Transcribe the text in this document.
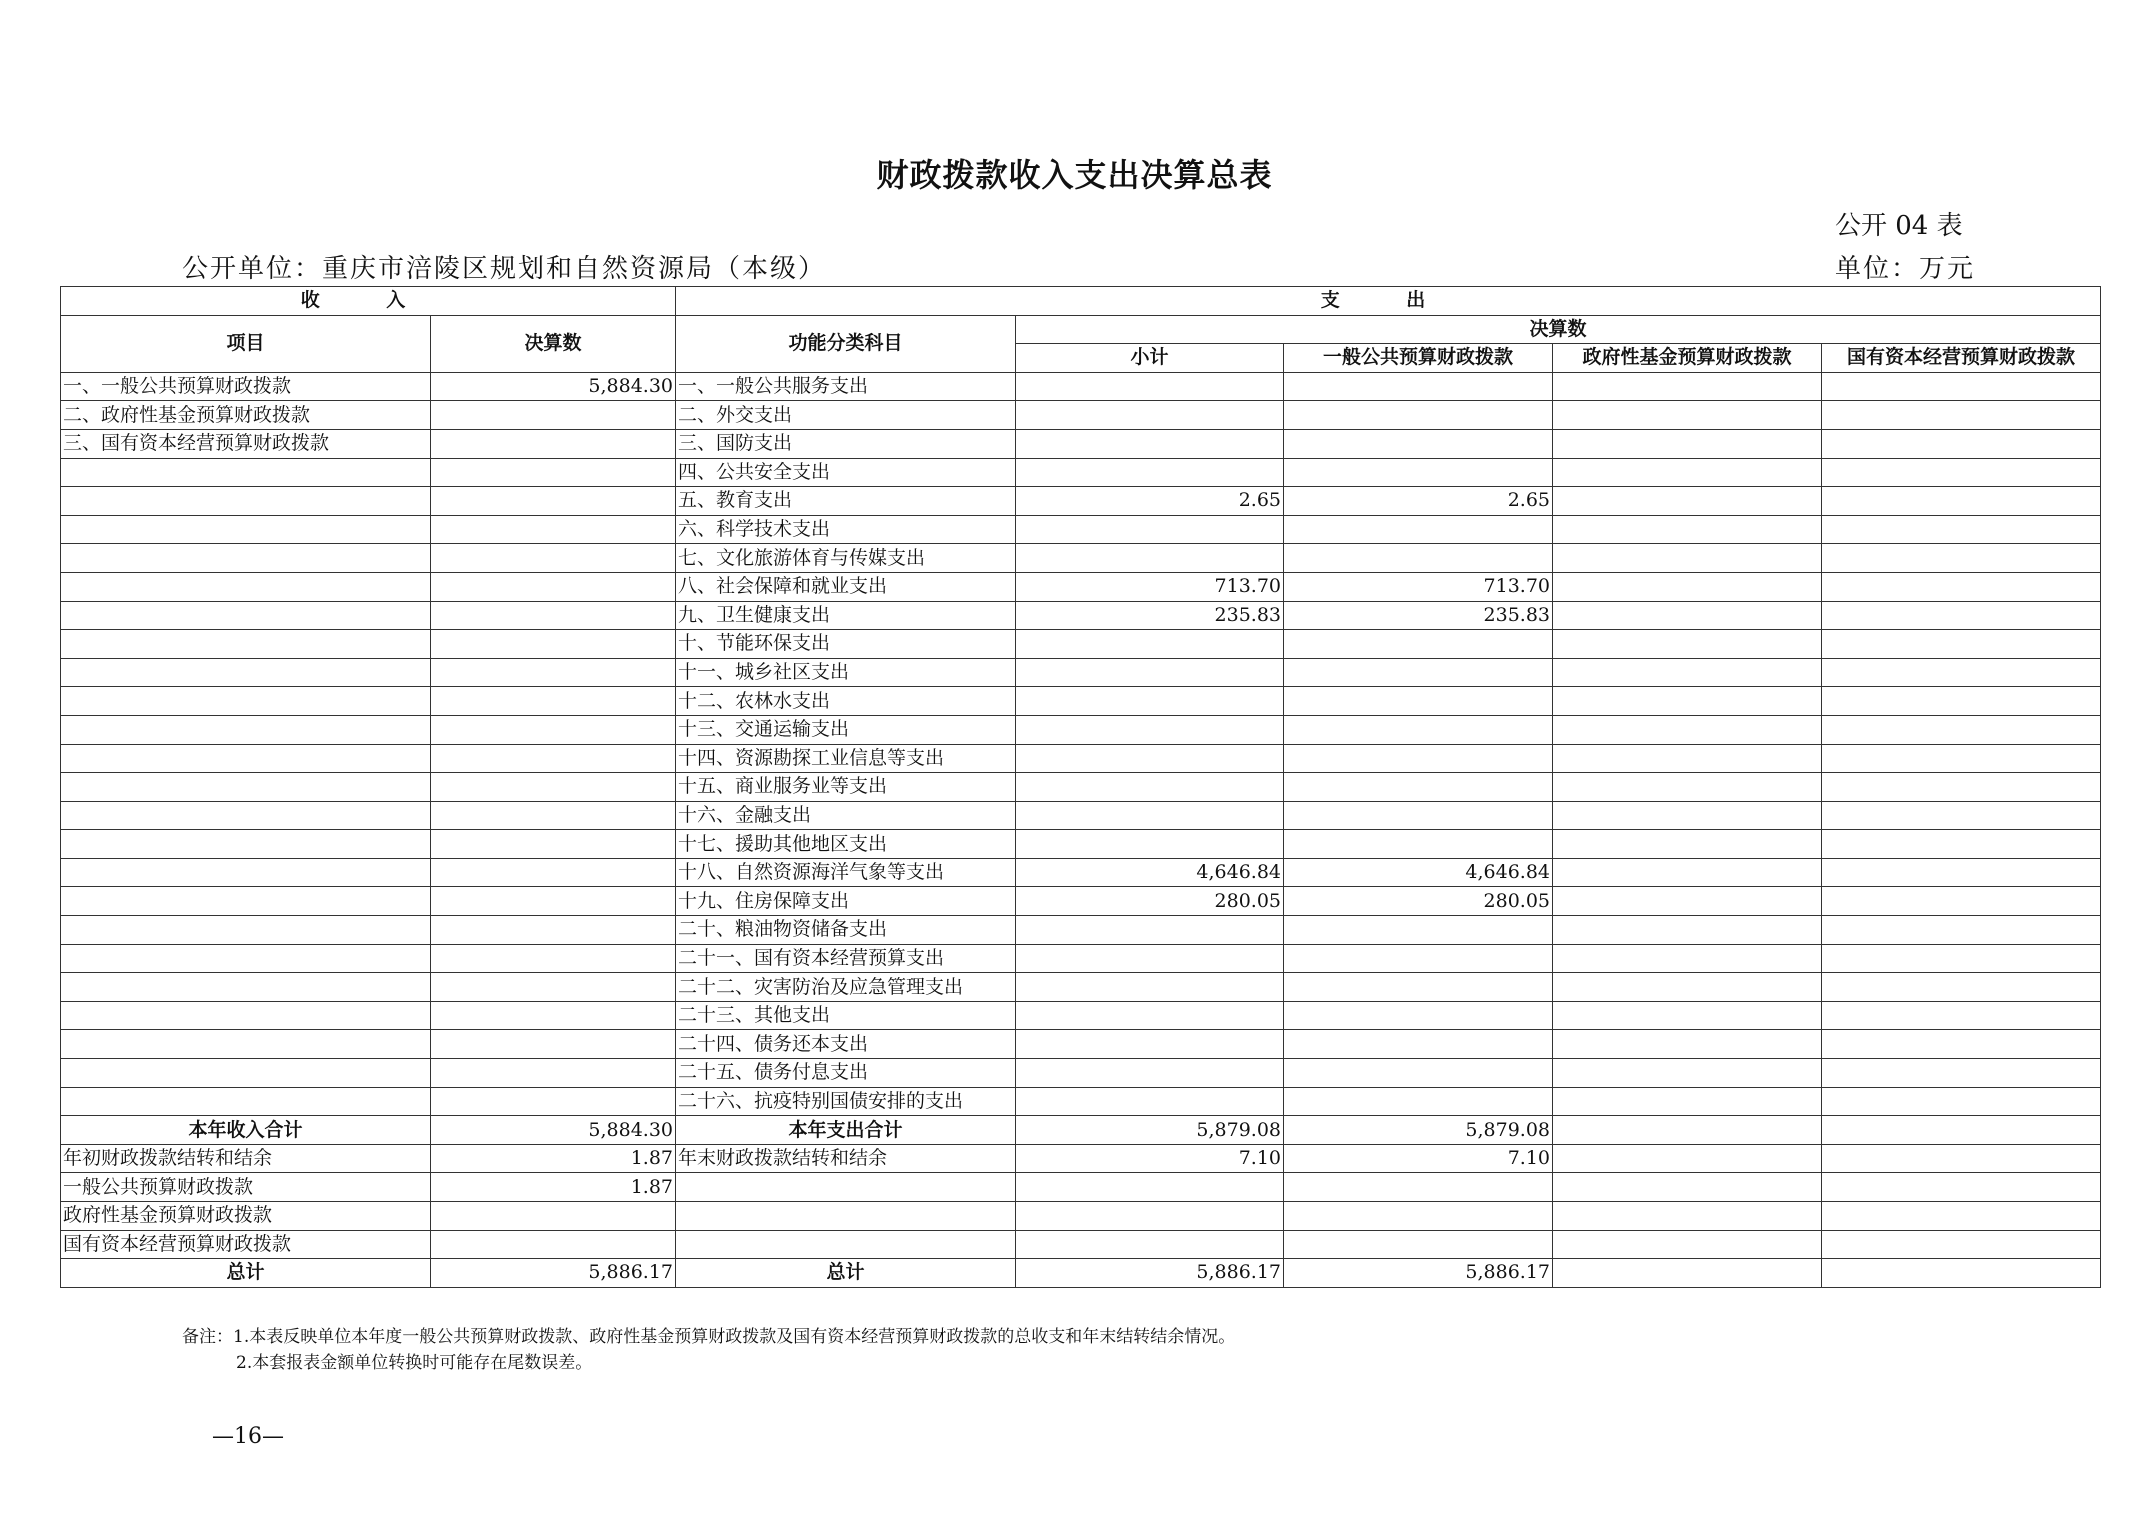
财政拨款收入支出决算总表
公开 04 表
公开单位：重庆市涪陵区规划和自然资源局（本级）	单位：万元
收 入		支 出				
项目	决算数	功能分类科目	决算数			
			小计	一般公共预算财政拨款	政府性基金预算财政拨款	国有资本经营预算财政拨款
一、一般公共预算财政拨款	5,884.30	一、一般公共服务支出				
二、政府性基金预算财政拨款		二、外交支出				
三、国有资本经营预算财政拨款		三、国防支出				
		四、公共安全支出				
		五、教育支出	2.65	2.65		
		六、科学技术支出				
		七、文化旅游体育与传媒支出				
		八、社会保障和就业支出	713.70	713.70		
		九、卫生健康支出	235.83	235.83		
		十、节能环保支出				
		十一、城乡社区支出				
		十二、农林水支出				
		十三、交通运输支出				
		十四、资源勘探工业信息等支出				
		十五、商业服务业等支出				
		十六、金融支出				
		十七、援助其他地区支出				
		十八、自然资源海洋气象等支出	4,646.84	4,646.84		
		十九、住房保障支出	280.05	280.05		
		二十、粮油物资储备支出				
		二十一、国有资本经营预算支出				
		二十二、灾害防治及应急管理支出				
		二十三、其他支出				
		二十四、债务还本支出				
		二十五、债务付息支出				
		二十六、抗疫特别国债安排的支出				
本年收入合计	5,884.30	本年支出合计	5,879.08	5,879.08		
年初财政拨款结转和结余	1.87	年末财政拨款结转和结余	7.10	7.10		
一般公共预算财政拨款	1.87					
政府性基金预算财政拨款						
国有资本经营预算财政拨款						
总计	5,886.17	总计	5,886.17	5,886.17		
备注：1.本表反映单位本年度一般公共预算财政拨款、政府性基金预算财政拨款及国有资本经营预算财政拨款的总收支和年末结转结余情况。
2.本套报表金额单位转换时可能存在尾数误差。
—16—
